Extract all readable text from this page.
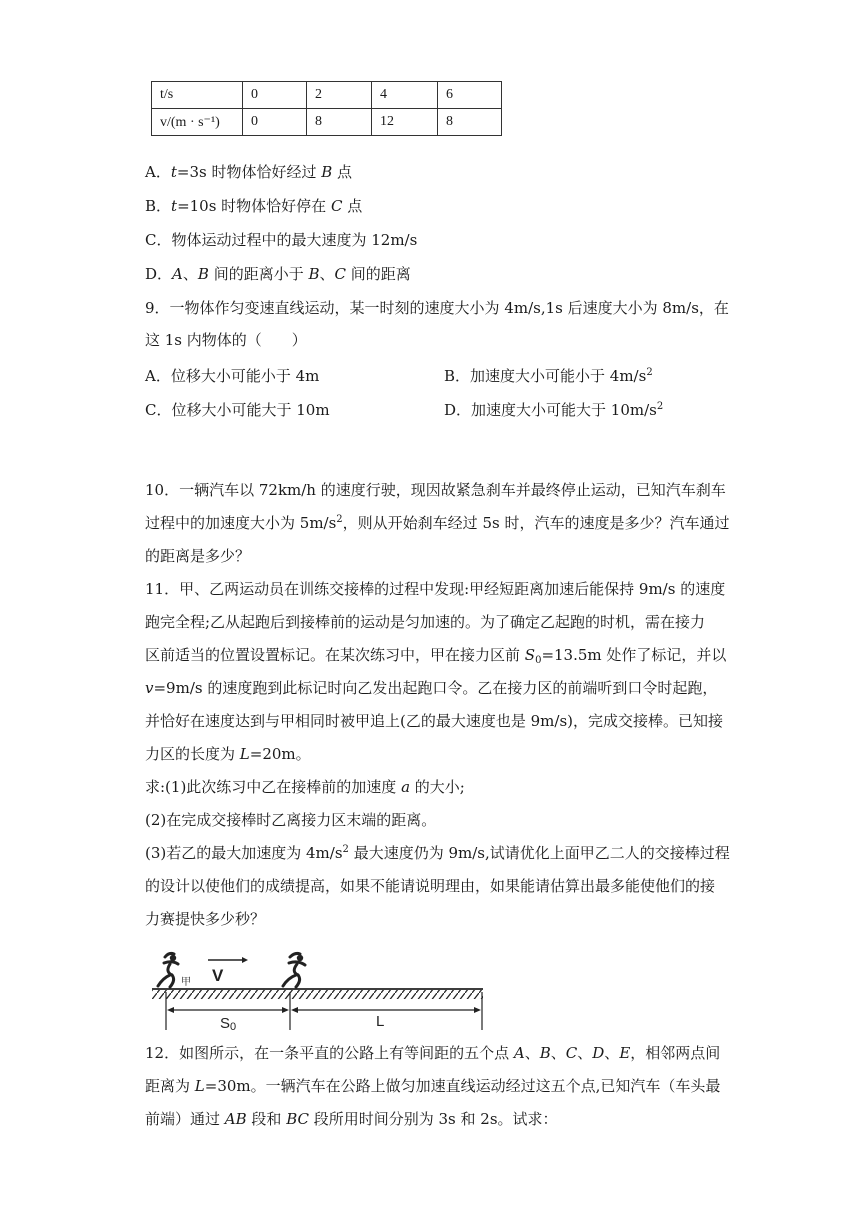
t/s	0	2	4	6
v/(m · s⁻¹)	0	8	12	8
A．t=3s 时物体恰好经过 B 点
B．t=10s 时物体恰好停在 C 点
C．物体运动过程中的最大速度为 12m/s
D．A、B 间的距离小于 B、C 间的距离
9．一物体作匀变速直线运动，某一时刻的速度大小为 4m/s,1s 后速度大小为 8m/s，在
这 1s 内物体的（　　）
A．位移大小可能小于 4m	B．加速度大小可能小于 $4m/s^2$
C．位移大小可能大于 10m	D．加速度大小可能大于 $10m/s^2$
10．一辆汽车以 72km/h 的速度行驶，现因故紧急刹车并最终停止运动，已知汽车刹车
过程中的加速度大小为 $5m/s^2$，则从开始刹车经过 5s 时，汽车的速度是多少？汽车通过
的距离是多少？
11．甲、乙两运动员在训练交接棒的过程中发现:甲经短距离加速后能保持 9m/s 的速度
跑完全程;乙从起跑后到接棒前的运动是匀加速的。为了确定乙起跑的时机，需在接力
区前适当的位置设置标记。在某次练习中，甲在接力区前 $S_0=13.5m$ 处作了标记，并以
v=9m/s 的速度跑到此标记时向乙发出起跑口令。乙在接力区的前端听到口令时起跑，
并恰好在速度达到与甲相同时被甲追上(乙的最大速度也是 9m/s)，完成交接棒。已知接
力区的长度为 L=20m。
求:(1)此次练习中乙在接棒前的加速度 a 的大小;
(2)在完成交接棒时乙离接力区末端的距离。
(3)若乙的最大加速度为 $4m/s^2$ 最大速度仍为 9m/s,试请优化上面甲乙二人的交接棒过程
的设计以使他们的成绩提高，如果不能请说明理由，如果能请估算出最多能使他们的接
力赛提快多少秒？
甲 V
S0	L
12．如图所示，在一条平直的公路上有等间距的五个点 A、B、C、D、E，相邻两点间
距离为 L=30m。一辆汽车在公路上做匀加速直线运动经过这五个点,已知汽车（车头最
前端）通过 AB 段和 BC 段所用时间分别为 3s 和 2s。试求：
